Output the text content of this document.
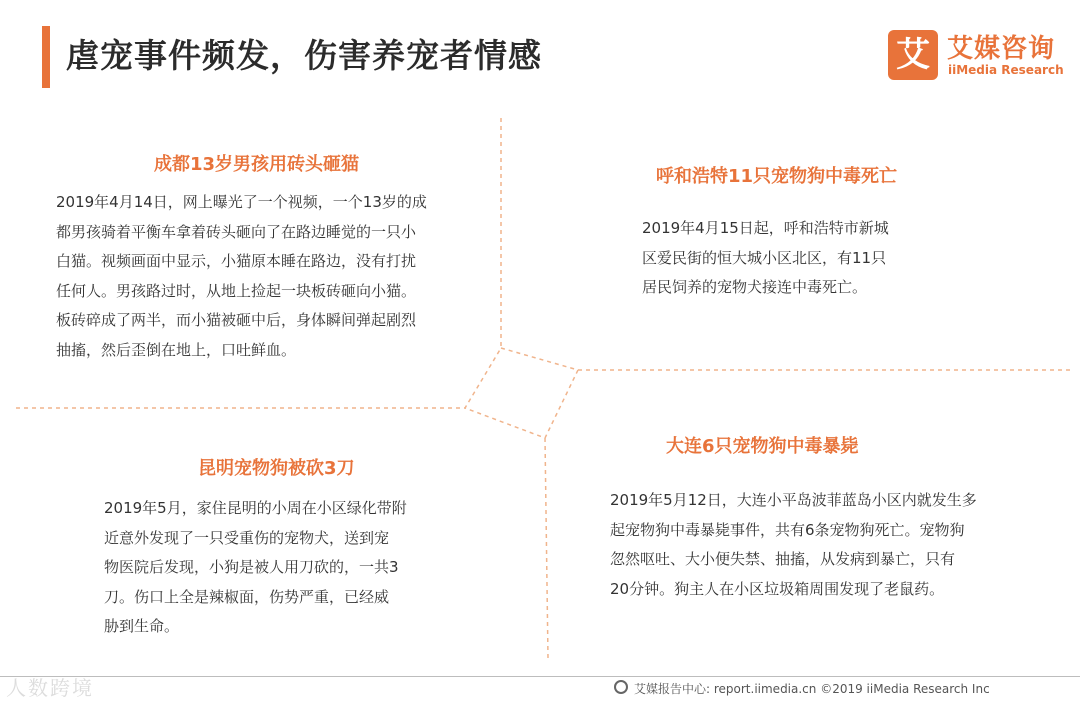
虐宠事件频发，伤害养宠者情感	艾 艾媒咨询
iiMedia Research
成都13岁男孩用砖头砸猫
2019年4月14日，网上曝光了一个视频，一个13岁的成
都男孩骑着平衡车拿着砖头砸向了在路边睡觉的一只小
白猫。视频画面中显示，小猫原本睡在路边，没有打扰
任何人。男孩路过时，从地上捡起一块板砖砸向小猫。
板砖碎成了两半，而小猫被砸中后，身体瞬间弹起剧烈
抽搐，然后歪倒在地上，口吐鲜血。
呼和浩特11只宠物狗中毒死亡
2019年4月15日起，呼和浩特市新城
区爱民街的恒大城小区北区，有11只
居民饲养的宠物犬接连中毒死亡。
昆明宠物狗被砍3刀
2019年5月，家住昆明的小周在小区绿化带附
近意外发现了一只受重伤的宠物犬，送到宠
物医院后发现，小狗是被人用刀砍的，一共3
刀。伤口上全是辣椒面，伤势严重，已经威
胁到生命。
大连6只宠物狗中毒暴毙
2019年5月12日，大连小平岛波菲蓝岛小区内就发生多
起宠物狗中毒暴毙事件，共有6条宠物狗死亡。宠物狗
忽然呕吐、大小便失禁、抽搐，从发病到暴亡，只有
20分钟。狗主人在小区垃圾箱周围发现了老鼠药。
人数跨境	艾媒报告中心: report.iimedia.cn ©2019 iiMedia Research Inc
